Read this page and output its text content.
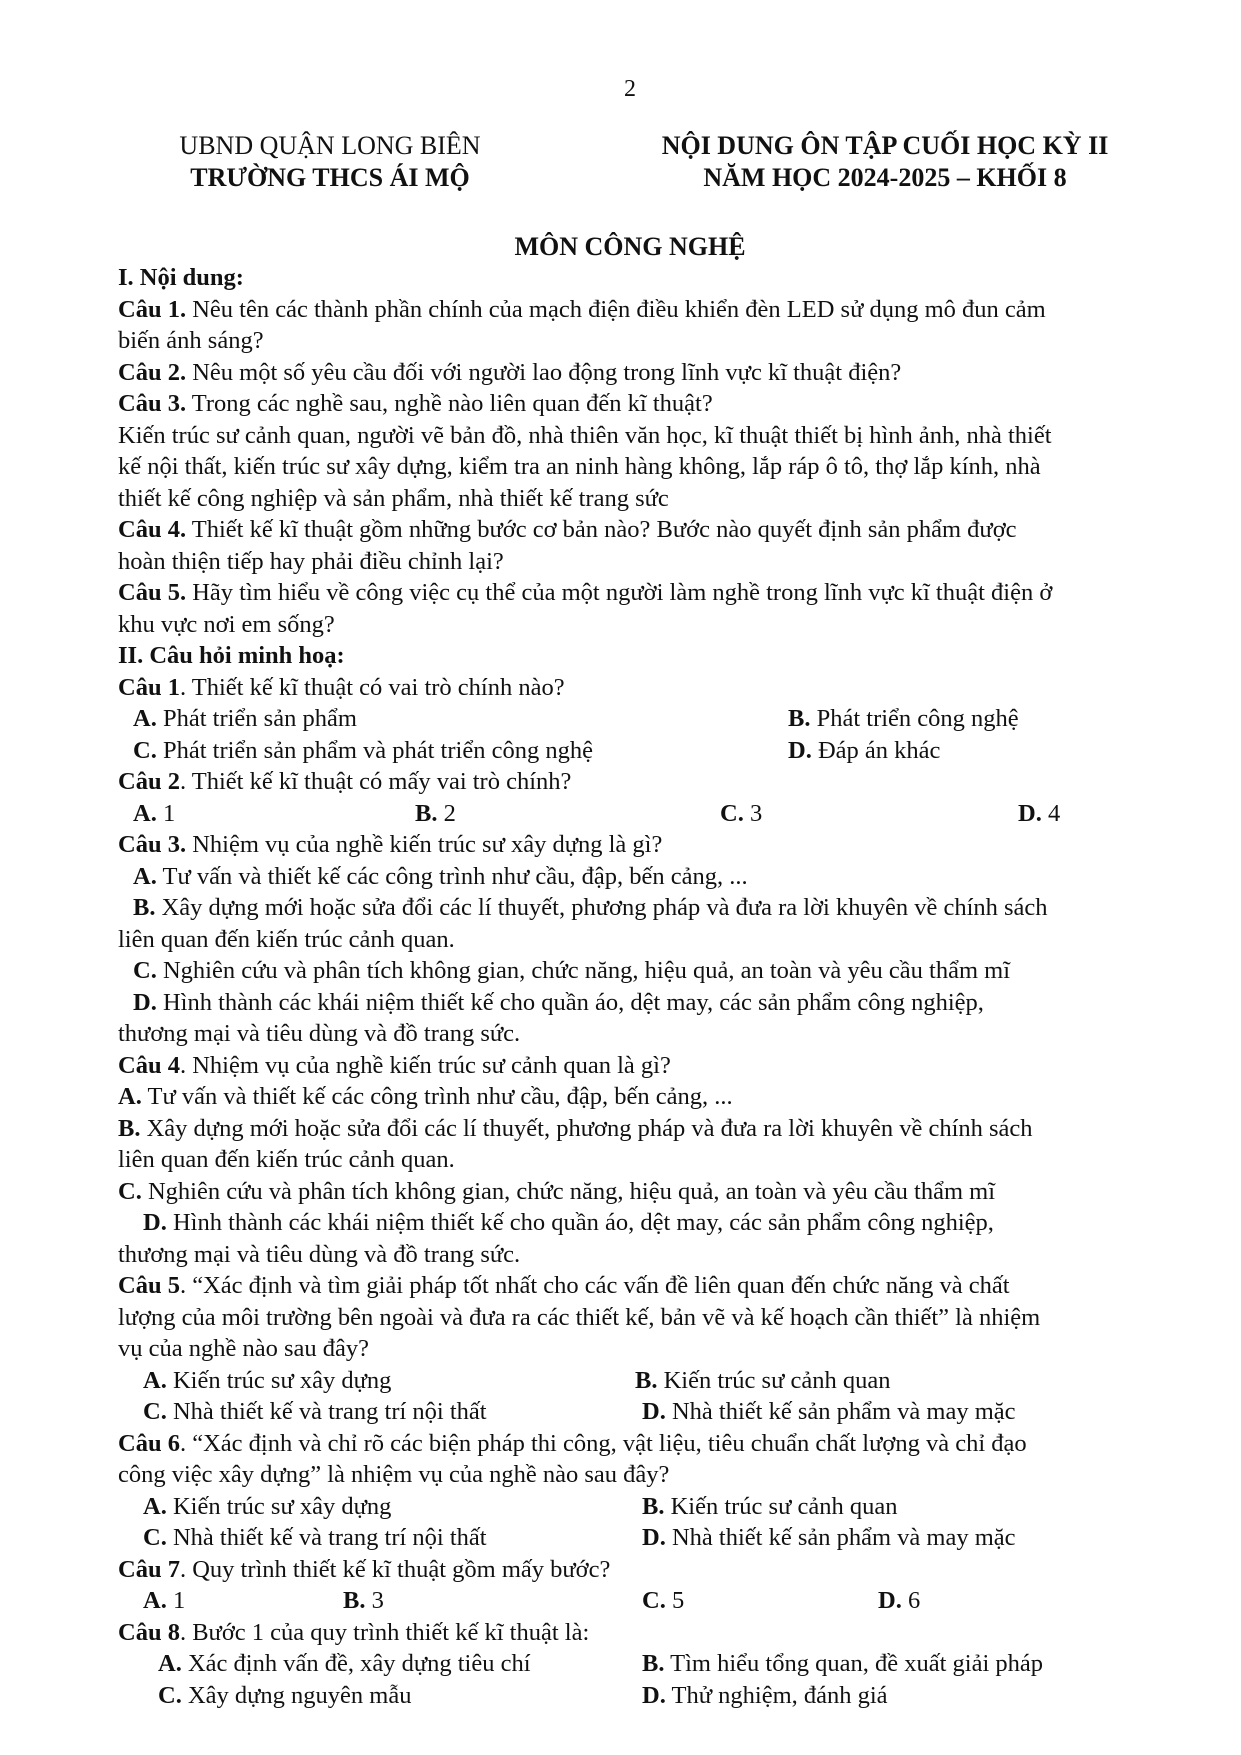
2
UBND QUẬN LONG BIÊN
TRƯỜNG THCS ÁI MỘ
NỘI DUNG ÔN TẬP CUỐI HỌC KỲ II
NĂM HỌC 2024-2025 – KHỐI 8
MÔN CÔNG NGHỆ
I. Nội dung:
Câu 1. Nêu tên các thành phần chính của mạch điện điều khiển đèn LED sử dụng mô đun cảm
biến ánh sáng?
Câu 2. Nêu một số yêu cầu đối với người lao động trong lĩnh vực kĩ thuật điện?
Câu 3. Trong các nghề sau, nghề nào liên quan đến kĩ thuật?
Kiến trúc sư cảnh quan, người vẽ bản đồ, nhà thiên văn học, kĩ thuật thiết bị hình ảnh, nhà thiết
kế nội thất, kiến trúc sư xây dựng, kiểm tra an ninh hàng không, lắp ráp ô tô, thợ lắp kính, nhà
thiết kế công nghiệp và sản phẩm, nhà thiết kế trang sức
Câu 4. Thiết kế kĩ thuật gồm những bước cơ bản nào? Bước nào quyết định sản phẩm được
hoàn thiện tiếp hay phải điều chỉnh lại?
Câu 5. Hãy tìm hiểu về công việc cụ thể của một người làm nghề trong lĩnh vực kĩ thuật điện ở
khu vực nơi em sống?
II. Câu hỏi minh hoạ:
Câu 1. Thiết kế kĩ thuật có vai trò chính nào?
A. Phát triển sản phẩm	B. Phát triển công nghệ
C. Phát triển sản phẩm và phát triển công nghệ	D. Đáp án khác
Câu 2. Thiết kế kĩ thuật có mấy vai trò chính?
A. 1	B. 2	C. 3	D. 4
Câu 3. Nhiệm vụ của nghề kiến trúc sư xây dựng là gì?
A. Tư vấn và thiết kế các công trình như cầu, đập, bến cảng, ...
B. Xây dựng mới hoặc sửa đổi các lí thuyết, phương pháp và đưa ra lời khuyên về chính sách
liên quan đến kiến trúc cảnh quan.
C. Nghiên cứu và phân tích không gian, chức năng, hiệu quả, an toàn và yêu cầu thẩm mĩ
D. Hình thành các khái niệm thiết kế cho quần áo, dệt may, các sản phẩm công nghiệp,
thương mại và tiêu dùng và đồ trang sức.
Câu 4. Nhiệm vụ của nghề kiến trúc sư cảnh quan là gì?
A. Tư vấn và thiết kế các công trình như cầu, đập, bến cảng, ...
B. Xây dựng mới hoặc sửa đổi các lí thuyết, phương pháp và đưa ra lời khuyên về chính sách
liên quan đến kiến trúc cảnh quan.
C. Nghiên cứu và phân tích không gian, chức năng, hiệu quả, an toàn và yêu cầu thẩm mĩ
D. Hình thành các khái niệm thiết kế cho quần áo, dệt may, các sản phẩm công nghiệp,
thương mại và tiêu dùng và đồ trang sức.
Câu 5. “Xác định và tìm giải pháp tốt nhất cho các vấn đề liên quan đến chức năng và chất
lượng của môi trường bên ngoài và đưa ra các thiết kế, bản vẽ và kế hoạch cần thiết” là nhiệm
vụ của nghề nào sau đây?
A. Kiến trúc sư xây dựng	B. Kiến trúc sư cảnh quan
C. Nhà thiết kế và trang trí nội thất	D. Nhà thiết kế sản phẩm và may mặc
Câu 6. “Xác định và chỉ rõ các biện pháp thi công, vật liệu, tiêu chuẩn chất lượng và chỉ đạo
công việc xây dựng” là nhiệm vụ của nghề nào sau đây?
A. Kiến trúc sư xây dựng	B. Kiến trúc sư cảnh quan
C. Nhà thiết kế và trang trí nội thất	D. Nhà thiết kế sản phẩm và may mặc
Câu 7. Quy trình thiết kế kĩ thuật gồm mấy bước?
A. 1	B. 3	C. 5	D. 6
Câu 8. Bước 1 của quy trình thiết kế kĩ thuật là:
A. Xác định vấn đề, xây dựng tiêu chí	B. Tìm hiểu tổng quan, đề xuất giải pháp
C. Xây dựng nguyên mẫu	D. Thử nghiệm, đánh giá
